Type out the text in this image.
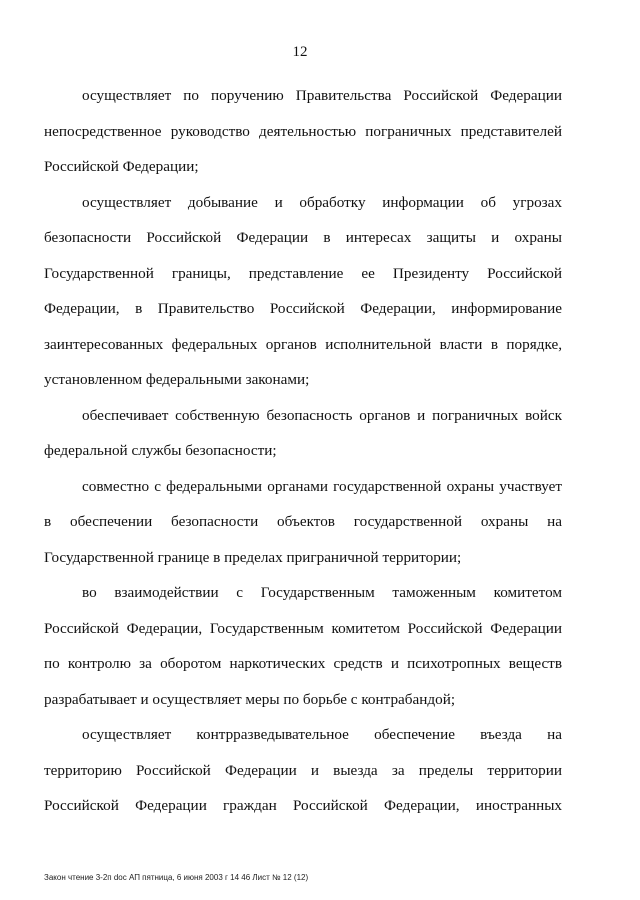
12
осуществляет по поручению Правительства Российской Федерации
непосредственное руководство деятельностью пограничных представителей
Российской Федерации;
осуществляет добывание и обработку информации об угрозах
безопасности Российской Федерации в интересах защиты и охраны
Государственной границы, представление ее Президенту Российской
Федерации, в Правительство Российской Федерации, информирование
заинтересованных федеральных органов исполнительной власти в порядке,
установленном федеральными законами;
обеспечивает собственную безопасность органов и пограничных войск
федеральной службы безопасности;
совместно с федеральными органами государственной охраны участвует
в обеспечении безопасности объектов государственной охраны на
Государственной границе в пределах приграничной территории;
во взаимодействии с Государственным таможенным комитетом
Российской Федерации, Государственным комитетом Российской Федерации
по контролю за оборотом наркотических средств и психотропных веществ
разрабатывает и осуществляет меры по борьбе с контрабандой;
осуществляет контрразведывательное обеспечение въезда на
территорию Российской Федерации и выезда за пределы территории
Российской Федерации граждан Российской Федерации, иностранных
Закон чтение 3-2п doc АП пятница, 6 июня 2003 г 14 46 Лист № 12 (12)
